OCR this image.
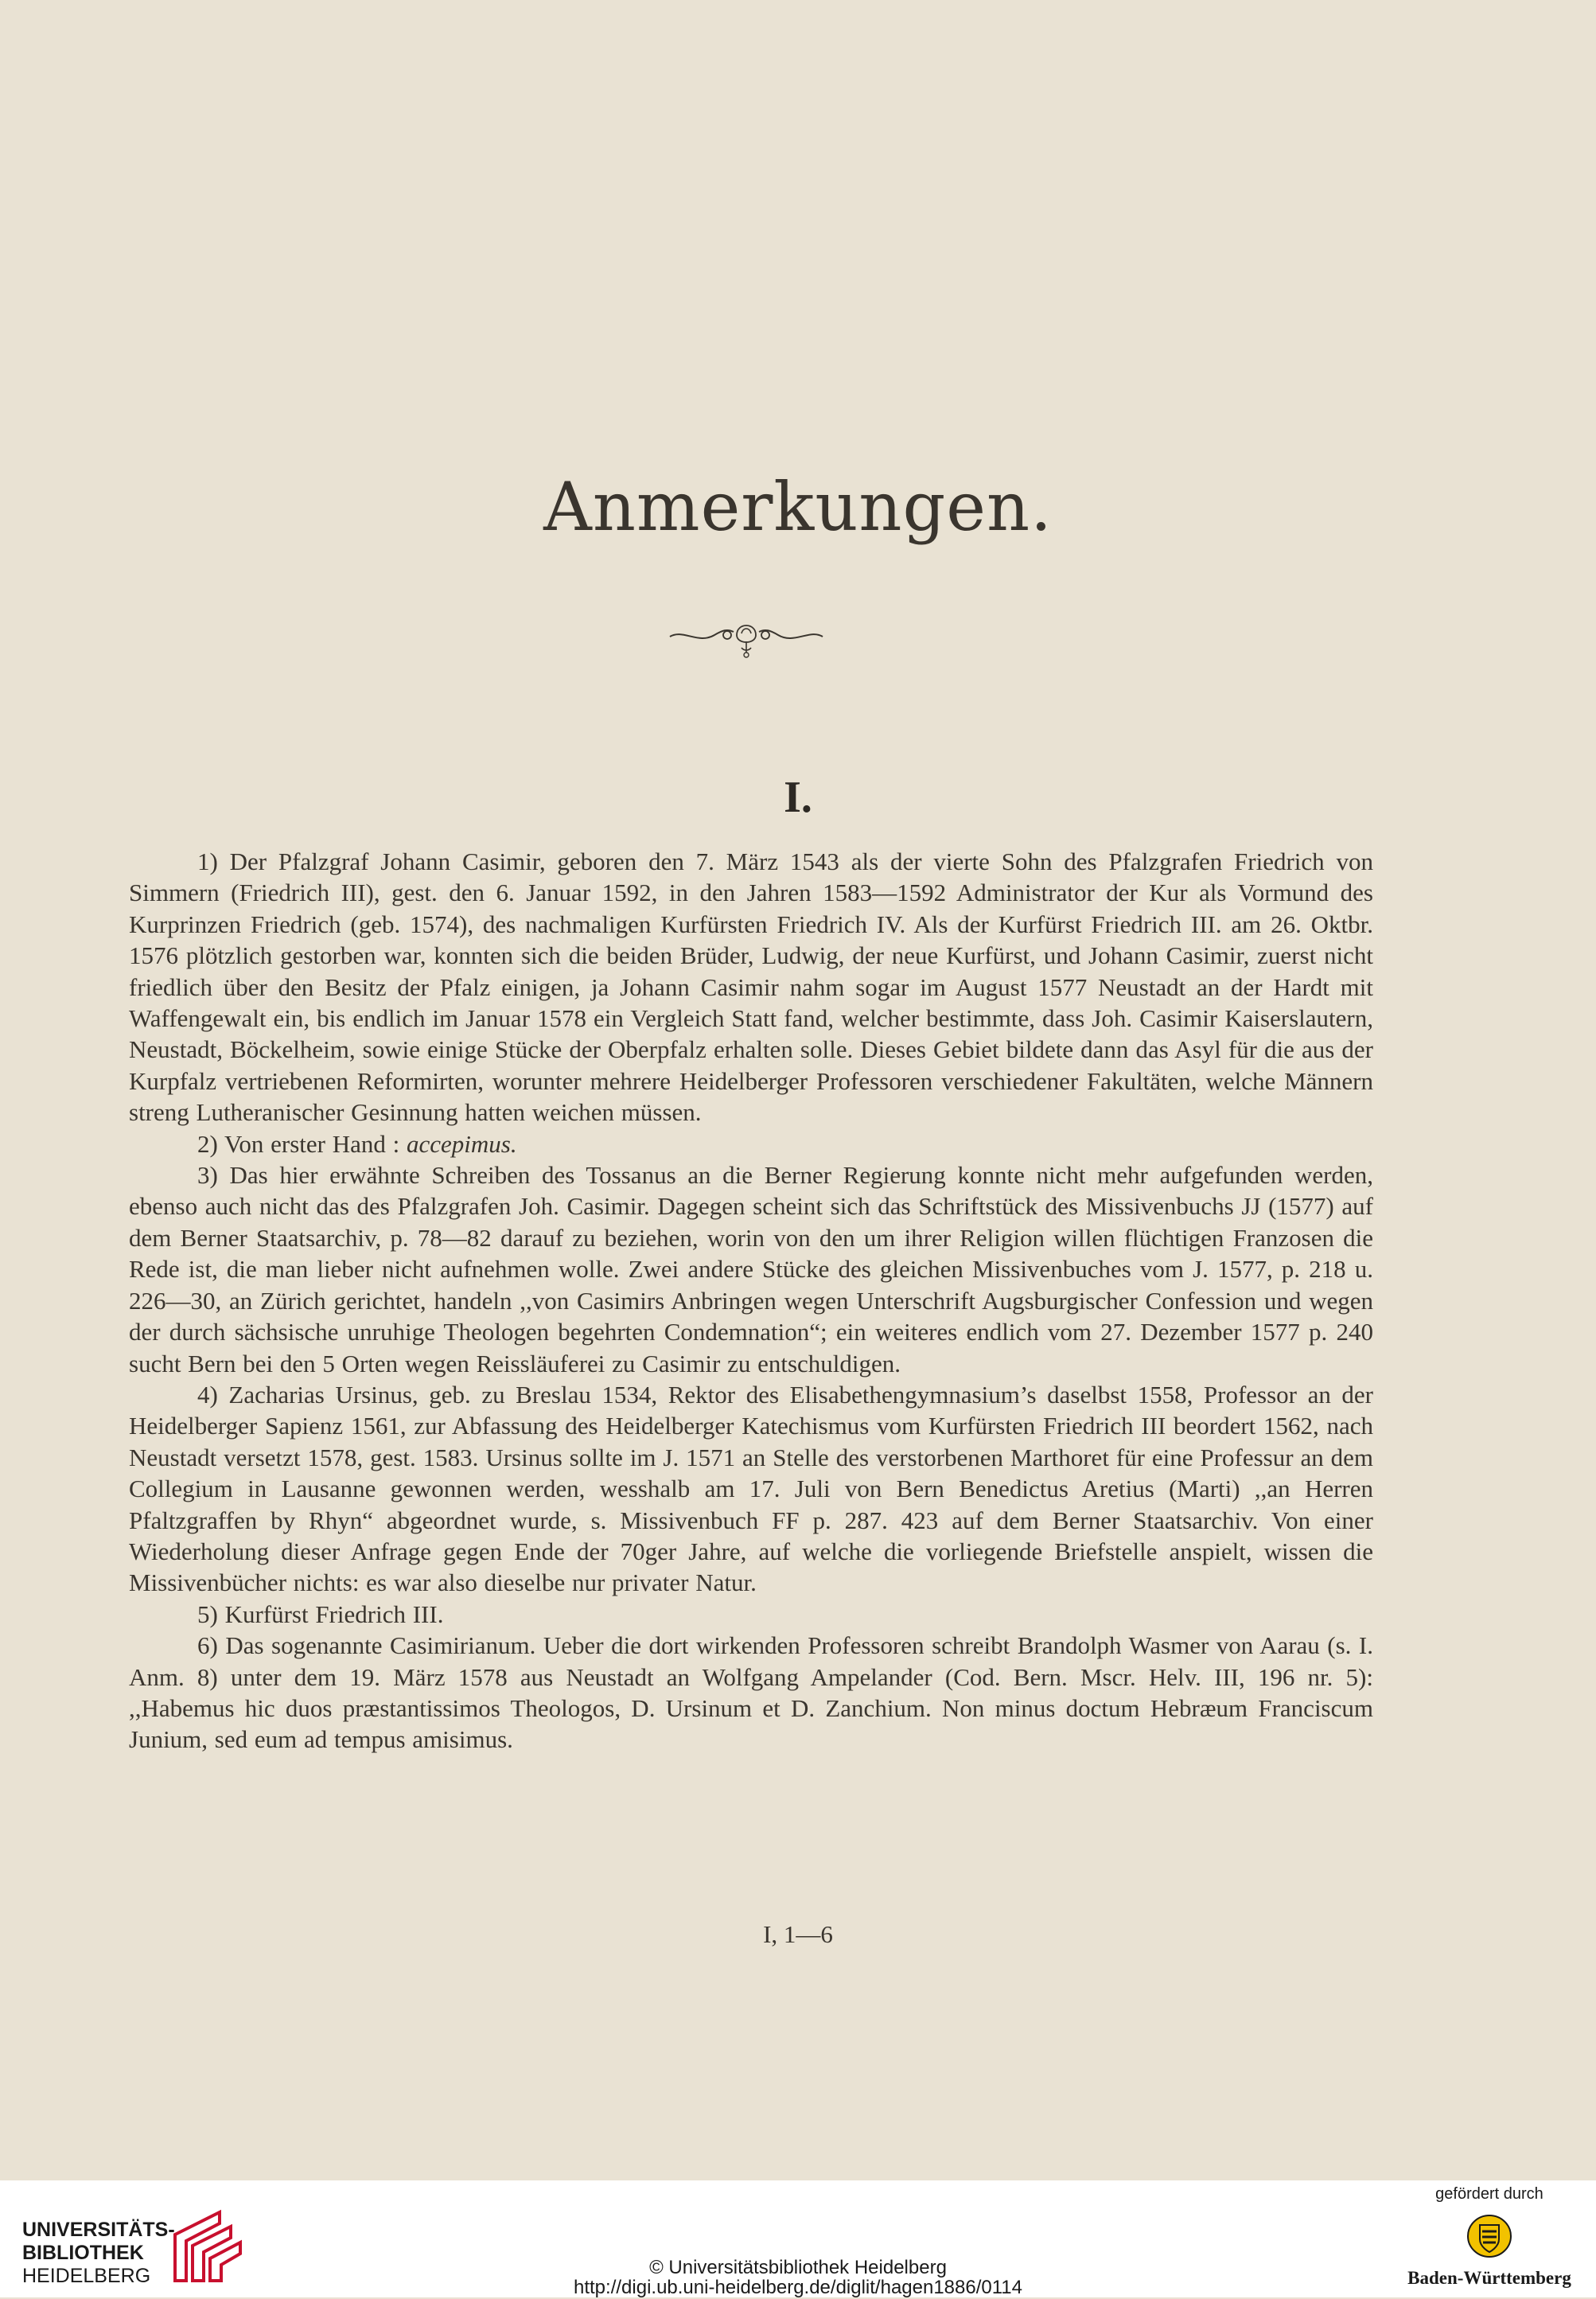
Anmerkungen.
I.

1) Der Pfalzgraf Johann Casimir, geboren den 7. März 1543 als der vierte Sohn des Pfalzgrafen Friedrich von Simmern (Friedrich III), gest. den 6. Januar 1592, in den Jahren 1583—1592 Administrator der Kur als Vormund des Kurprinzen Friedrich (geb. 1574), des nachmaligen Kurfürsten Friedrich IV. Als der Kurfürst Friedrich III. am 26. Oktbr. 1576 plötzlich gestorben war, konnten sich die beiden Brüder, Ludwig, der neue Kurfürst, und Johann Casimir, zuerst nicht friedlich über den Besitz der Pfalz einigen, ja Johann Casimir nahm sogar im August 1577 Neustadt an der Hardt mit Waffengewalt ein, bis endlich im Januar 1578 ein Vergleich Statt fand, welcher bestimmte, dass Joh. Casimir Kaiserslautern, Neustadt, Böckelheim, sowie einige Stücke der Oberpfalz erhalten solle. Dieses Gebiet bildete dann das Asyl für die aus der Kurpfalz vertriebenen Reformirten, worunter mehrere Heidelberger Professoren verschiedener Fakultäten, welche Männern streng Lutheranischer Gesinnung hatten weichen müssen.

2) Von erster Hand : accepimus.

3) Das hier erwähnte Schreiben des Tossanus an die Berner Regierung konnte nicht mehr aufgefunden werden, ebenso auch nicht das des Pfalzgrafen Joh. Casimir. Dagegen scheint sich das Schriftstück des Missivenbuchs JJ (1577) auf dem Berner Staatsarchiv, p. 78—82 darauf zu beziehen, worin von den um ihrer Religion willen flüchtigen Franzosen die Rede ist, die man lieber nicht aufnehmen wolle. Zwei andere Stücke des gleichen Missivenbuches vom J. 1577, p. 218 u. 226—30, an Zürich gerichtet, handeln ,,von Casimirs Anbringen wegen Unterschrift Augsburgischer Confession und wegen der durch sächsische unruhige Theologen begehrten Condemnation“; ein weiteres endlich vom 27. Dezember 1577 p. 240 sucht Bern bei den 5 Orten wegen Reissläuferei zu Casimir zu entschuldigen.

4) Zacharias Ursinus, geb. zu Breslau 1534, Rektor des Elisabethengymnasium’s daselbst 1558, Professor an der Heidelberger Sapienz 1561, zur Abfassung des Heidelberger Katechismus vom Kurfürsten Friedrich III beordert 1562, nach Neustadt versetzt 1578, gest. 1583. Ursinus sollte im J. 1571 an Stelle des verstorbenen Marthoret für eine Professur an dem Collegium in Lausanne gewonnen werden, wesshalb am 17. Juli von Bern Benedictus Aretius (Marti) ,,an Herren Pfaltzgraffen by Rhyn“ abgeordnet wurde, s. Missivenbuch FF p. 287. 423 auf dem Berner Staatsarchiv. Von einer Wiederholung dieser Anfrage gegen Ende der 70ger Jahre, auf welche die vorliegende Briefstelle anspielt, wissen die Missivenbücher nichts: es war also dieselbe nur privater Natur.

5) Kurfürst Friedrich III.

6) Das sogenannte Casimirianum. Ueber die dort wirkenden Professoren schreibt Brandolph Wasmer von Aarau (s. I. Anm. 8) unter dem 19. März 1578 aus Neustadt an Wolfgang Ampelander (Cod. Bern. Mscr. Helv. III, 196 nr. 5): ,,Habemus hic duos præstantissimos Theologos, D. Ursinum et D. Zanchium. Non minus doctum Hebræum Franciscum Junium, sed eum ad tempus amisimus.

I, 1—6

UNIVERSITÄTS-

BIBLIOTHEK

HEIDELBERG	© Universitätsbibliothek Heidelberg

http://digi.ub.uni-heidelberg.de/diglit/hagen1886/0114

gefördert durch

Baden-Württemberg
